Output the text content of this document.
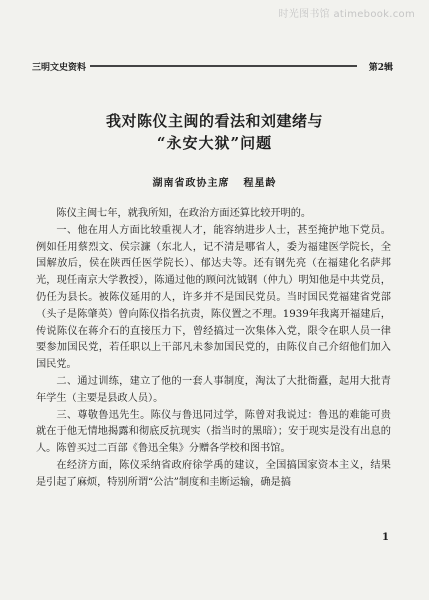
时光图书馆 atimebook.com
三明文史资料	第2辑
我对陈仪主闽的看法和刘建绪与
“永安大狱”问题
湖南省政协主席 程星龄

陈仪主闽七年，就我所知，在政治方面还算比较开明的。

一、他在用人方面比较重视人才，能容纳进步人士，甚至掩护地下党员。例如任用蔡烈文、侯宗濂（东北人，记不清是哪省人，委为福建医学院长，全国解放后，侯在陕西任医学院长）、郁达夫等。还有钢先亮（在福建化名萨邦光，现任南京大学教授），陈通过他的顾问沈钺钢（仲九）明知他是中共党员，仍任为县长。被陈仪延用的人，许多并不是国民党员。当时国民党福建省党部（头子是陈肇英）曾向陈仪指名抗责，陈仪置之不理。1939年我离开福建后，传说陈仪在蒋介石的直接压力下，曾经搞过一次集体入党，限令在职人员一律要参加国民党，若任职以上干部凡未参加国民党的，由陈仪自己介绍他们加入国民党。

二、通过训练，建立了他的一套人事制度，淘汰了大批衙蠹，起用大批青年学生（主要是县政人员）。

三、尊敬鲁迅先生。陈仪与鲁迅同过学，陈曾对我说过：鲁迅的难能可贵就在于他无情地揭露和彻底反抗现实（指当时的黑暗）；安于现实是没有出息的人。陈曾买过二百部《鲁迅全集》分赠各学校和图书馆。

在经济方面，陈仪采纳省政府徐学禹的建议，全国搞国家资本主义，结果是引起了麻烦，特别所谓“公沽”制度和圭断运输，确是搞

1
